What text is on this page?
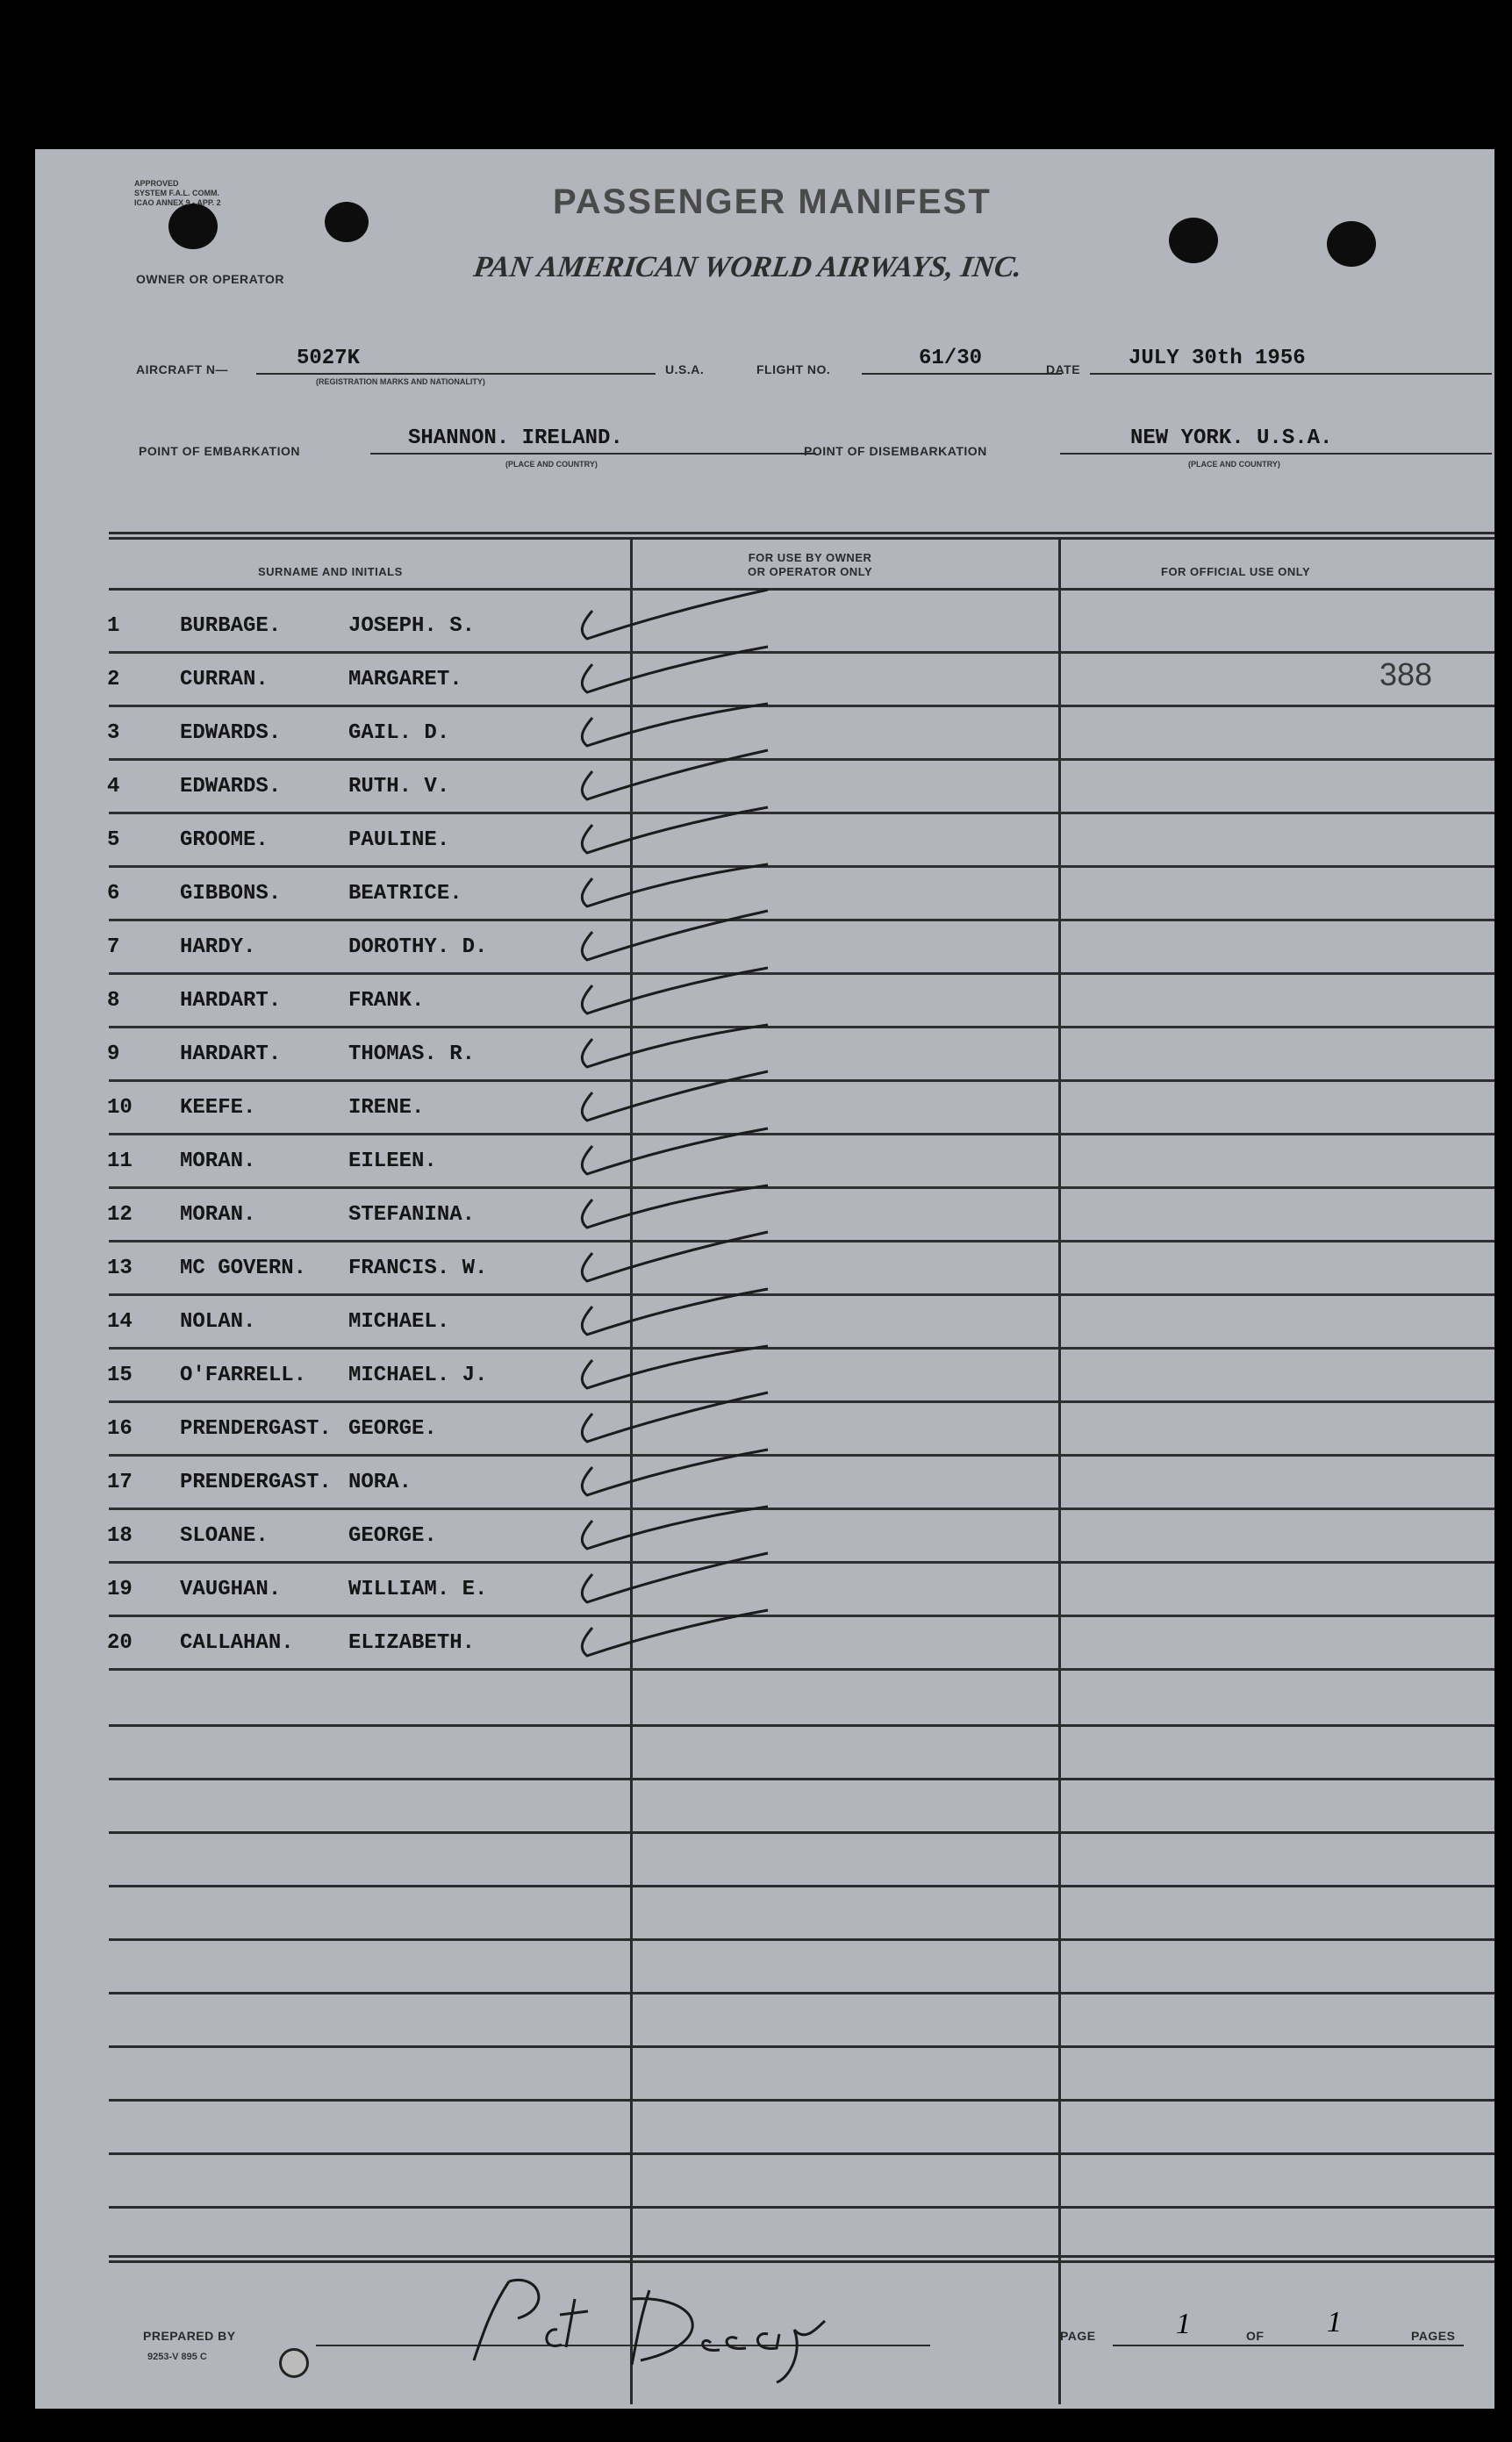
APPROVED
SYSTEM F.A.L. COMM.
ICAO ANNEX 9 - APP. 2	PASSENGER MANIFEST
OWNER OR OPERATOR	PAN AMERICAN WORLD AIRWAYS, INC.
AIRCRAFT N—	5027K
(REGISTRATION MARKS AND NATIONALITY)
U.S.A.	FLIGHT NO.	61/30	DATE JULY 30th 1956
POINT OF EMBARKATION
SHANNON. IRELAND.
(PLACE AND COUNTRY)
POINT OF DISEMBARKATION
NEW YORK. U.S.A.
(PLACE AND COUNTRY)
SURNAME AND INITIALS
FOR USE BY OWNER
OR OPERATOR ONLY	FOR OFFICIAL USE ONLY
388
1	BURBAGE.	JOSEPH. S.
2	CURRAN.	MARGARET.
3	EDWARDS.	GAIL. D.
4	EDWARDS.	RUTH. V.
5	GROOME.	PAULINE.
6	GIBBONS.	BEATRICE.
7	HARDY.	DOROTHY. D.
8	HARDART.	FRANK.
9	HARDART.	THOMAS. R.
10	KEEFE.	IRENE.
11	MORAN.	EILEEN.
12	MORAN.	STEFANINA.
13	MC GOVERN. FRANCIS. W.
14	NOLAN.	MICHAEL.
15	O'FARRELL. MICHAEL. J.
16	PRENDERGAST. GEORGE.
17	PRENDERGAST. NORA.
18	SLOANE.	GEORGE.
19	VAUGHAN.	WILLIAM. E.
20	CALLAHAN.	ELIZABETH.
PREPARED BY
9253-V 895 C
PAGE	1	OF 1	PAGES
